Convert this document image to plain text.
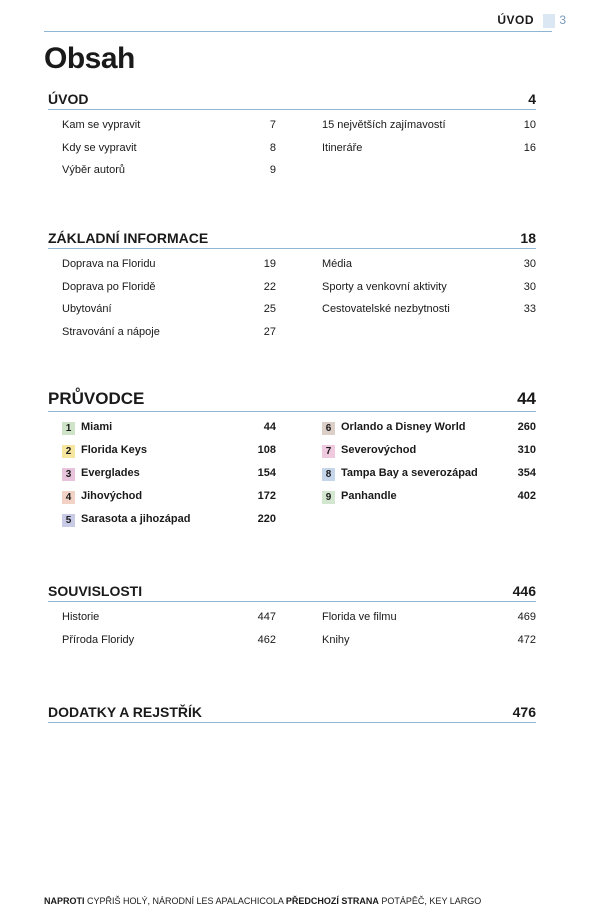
ÚVOD 3
Obsah
ÚVOD	4
Kam se vypravit	7
Kdy se vypravit	8
Výběr autorů	9
15 největších zajímavostí	10
Itineráře	16
ZÁKLADNÍ INFORMACE	18
Doprava na Floridu	19
Doprava po Floridě	22
Ubytování	25
Stravování a nápoje	27
Média	30
Sporty a venkovní aktivity	30
Cestovatelské nezbytnosti	33
PRŮVODCE	44
1 Miami	44
2 Florida Keys	108
3 Everglades	154
4 Jihovýchod	172
5 Sarasota a jihozápad	220
6 Orlando a Disney World	260
7 Severovýchod	310
8 Tampa Bay a severozápad	354
9 Panhandle	402
SOUVISLOSTI	446
Historie	447
Příroda Floridy	462
Florida ve filmu	469
Knihy	472
DODATKY A REJSTŘÍK	476
NAPROTI CYPŘIŠ HOLÝ, NÁRODNÍ LES APALACHICOLA PŘEDCHOZÍ STRANA POTÁPĚČ, KEY LARGO
